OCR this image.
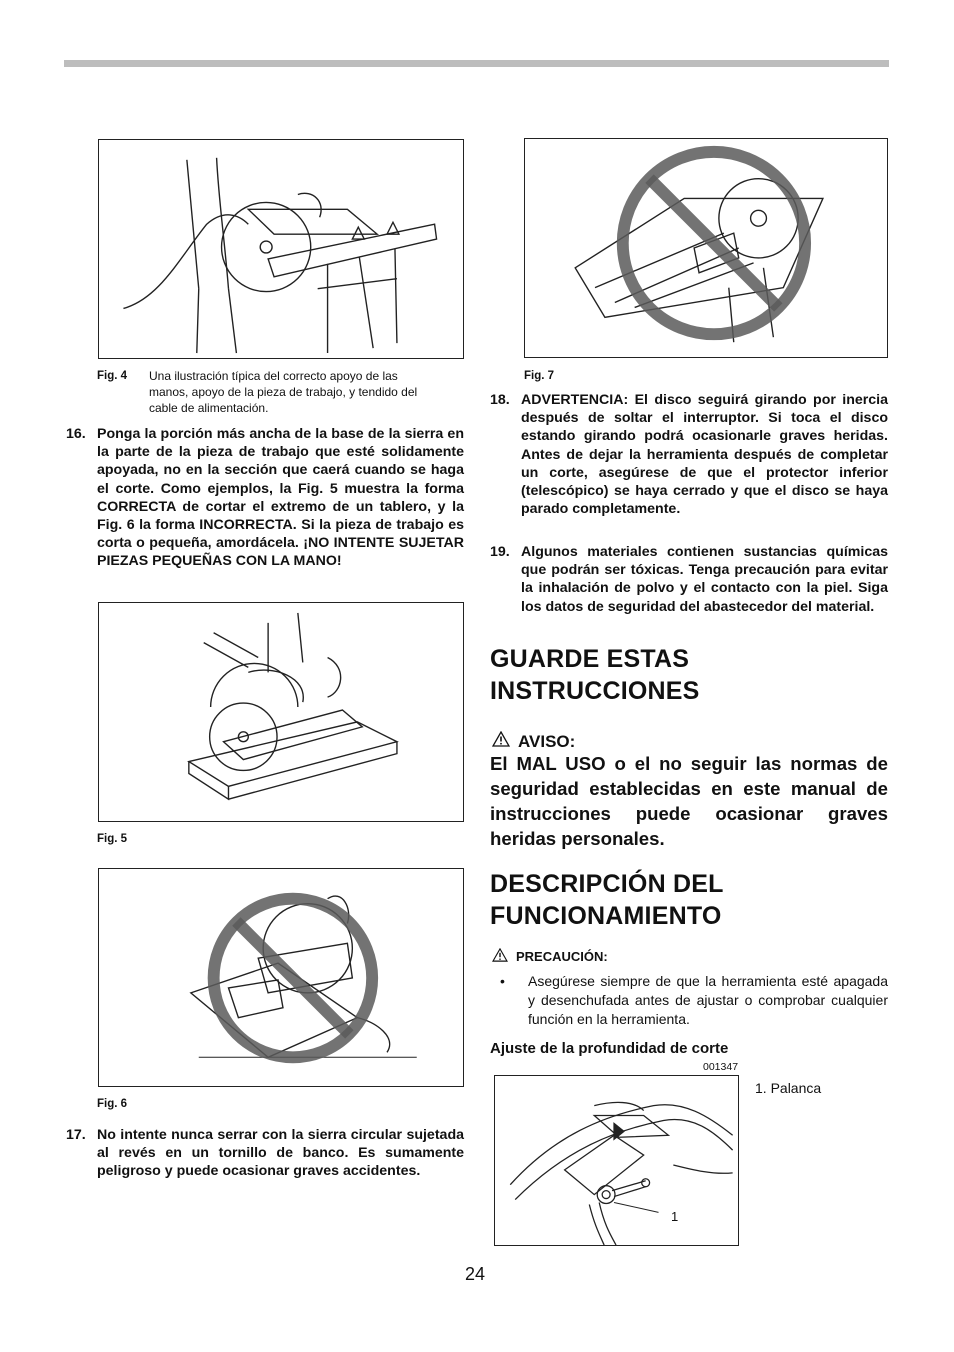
Fig. 4	Una ilustración típica del correcto apoyo de las
manos, apoyo de la pieza de trabajo, y tendido del
cable de alimentación.
16. Ponga la porción más ancha de la base de la sierra en la parte de la pieza de trabajo que esté solidamente apoyada, no en la sección que caerá cuando se haga el corte. Como ejemplos, la Fig. 5 muestra la forma CORRECTA de cortar el extremo de un tablero, y la Fig. 6 la forma INCORRECTA. Si la pieza de trabajo es corta o pequeña, amordácela. ¡NO INTENTE SUJETAR PIEZAS PEQUEÑAS CON LA MANO!
Fig. 5
Fig. 6
17. No intente nunca serrar con la sierra circular sujetada al revés en un tornillo de banco. Es sumamente peligroso y puede ocasionar graves accidentes.
Fig. 7
18. ADVERTENCIA: El disco seguirá girando por inercia después de soltar el interruptor. Si toca el disco estando girando podrá ocasionarle graves heridas. Antes de dejar la herramienta después de completar un corte, asegúrese de que el protector inferior (telescópico) se haya cerrado y que el disco se haya parado completamente.
19. Algunos materiales contienen sustancias químicas que podrán ser tóxicas. Tenga precaución para evitar la inhalación de polvo y el contacto con la piel. Siga los datos de seguridad del abastecedor del material.
GUARDE ESTAS
INSTRUCCIONES
AVISO:
El MAL USO o el no seguir las normas de seguridad establecidas en este manual de instrucciones puede ocasionar graves heridas personales.
DESCRIPCIÓN DEL
FUNCIONAMIENTO
PRECAUCIÓN:
•	Asegúrese siempre de que la herramienta esté apagada y desenchufada antes de ajustar o comprobar cualquier función en la herramienta.
Ajuste de la profundidad de corte
001347
1
1. Palanca
24
